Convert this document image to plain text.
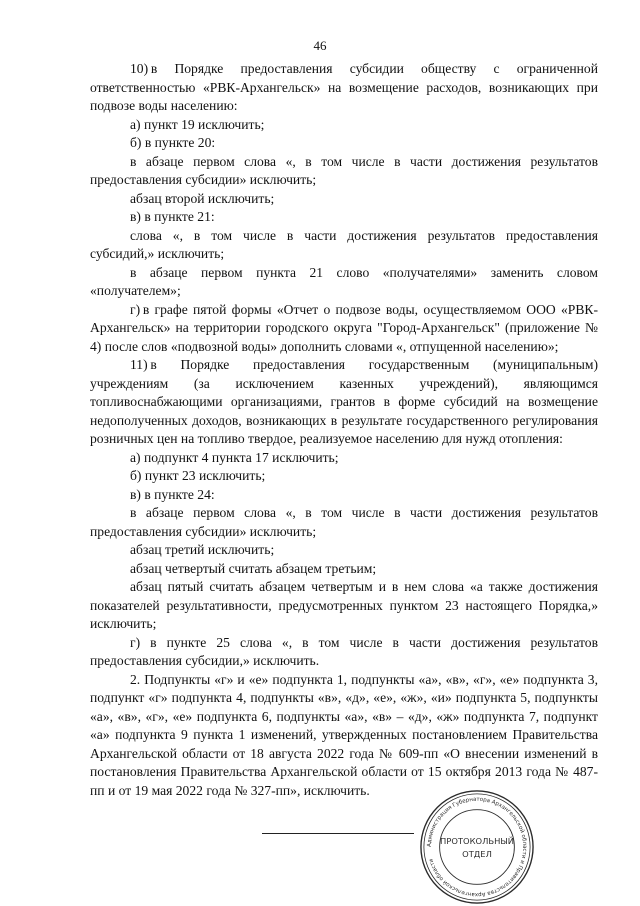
46

10) в Порядке предоставления субсидии обществу с ограниченной ответственностью «РВК-Архангельск» на возмещение расходов, возникающих при подвозе воды населению:

а) пункт 19 исключить;

б) в пункте 20:

в абзаце первом слова «, в том числе в части достижения результатов предоставления субсидии» исключить;

абзац второй исключить;

в) в пункте 21:

слова «, в том числе в части достижения результатов предоставления субсидий,» исключить;

в абзаце первом пункта 21 слово «получателями» заменить словом «получателем»;

г) в графе пятой формы «Отчет о подвозе воды, осуществляемом ООО «РВК-Архангельск» на территории городского округа "Город-Архангельск" (приложение № 4) после слов «подвозной воды» дополнить словами «, отпущенной населению»;

11) в Порядке предоставления государственным (муниципальным) учреждениям (за исключением казенных учреждений), являющимся топливоснабжающими организациями, грантов в форме субсидий на возмещение недополученных доходов, возникающих в результате государственного регулирования розничных цен на топливо твердое, реализуемое населению для нужд отопления:

а) подпункт 4 пункта 17 исключить;

б) пункт 23 исключить;

в) в пункте 24:

в абзаце первом слова «, в том числе в части достижения результатов предоставления субсидии» исключить;

абзац третий исключить;

абзац четвертый считать абзацем третьим;

абзац пятый считать абзацем четвертым и в нем слова «а также достижения показателей результативности, предусмотренных пунктом 23 настоящего Порядка,» исключить;

г) в пункте 25 слова «, в том числе в части достижения результатов предоставления субсидии,» исключить.

2. Подпункты «г» и «е» подпункта 1, подпункты «а», «в», «г», «е» подпункта 3, подпункт «г» подпункта 4, подпункты «в», «д», «е», «ж», «и» подпункта 5, подпункты «а», «в», «г», «е» подпункта 6, подпункты «а», «в» – «д», «ж» подпункта 7, подпункт «а» подпункта 9 пункта 1 изменений, утвержденных постановлением Правительства Архангельской области от 18 августа 2022 года № 609-пп «О внесении изменений в постановления Правительства Архангельской области от 15 октября 2013 года № 487-пп и от 19 мая 2022 года № 327-пп», исключить.

Администрация Губернатора Архангельской области и Правительства Архангельской области
ПРОТОКОЛЬНЫЙ
ОТДЕЛ
